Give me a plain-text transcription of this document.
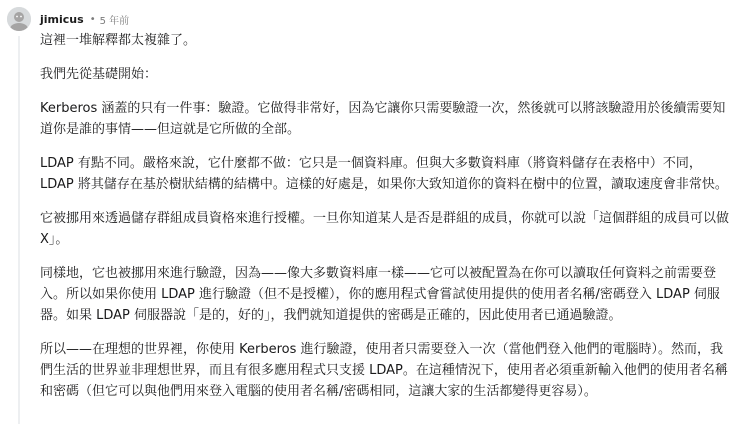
jimicus • 5 年前

這裡一堆解釋都太複雜了。

我們先從基礎開始：

Kerberos 涵蓋的只有一件事：驗證。它做得非常好，因為它讓你只需要驗證一次，然後就可以將該驗證用於後續需要知道你是誰的事情——但這就是它所做的全部。

LDAP 有點不同。嚴格來說，它什麼都不做：它只是一個資料庫。但與大多數資料庫（將資料儲存在表格中）不同，LDAP 將其儲存在基於樹狀結構的結構中。這樣的好處是，如果你大致知道你的資料在樹中的位置，讀取速度會非常快。

它被挪用來透過儲存群組成員資格來進行授權。一旦你知道某人是否是群組的成員，你就可以說「這個群組的成員可以做 X」。

同樣地，它也被挪用來進行驗證，因為——像大多數資料庫一樣——它可以被配置為在你可以讀取任何資料之前需要登入。所以如果你使用 LDAP 進行驗證（但不是授權），你的應用程式會嘗試使用提供的使用者名稱/密碼登入 LDAP 伺服器。如果 LDAP 伺服器說「是的，好的」，我們就知道提供的密碼是正確的，因此使用者已通過驗證。

所以——在理想的世界裡，你使用 Kerberos 進行驗證，使用者只需要登入一次（當他們登入他們的電腦時）。然而，我們生活的世界並非理想世界，而且有很多應用程式只支援 LDAP。在這種情況下，使用者必須重新輸入他們的使用者名稱和密碼（但它可以與他們用來登入電腦的使用者名稱/密碼相同，這讓大家的生活都變得更容易）。
